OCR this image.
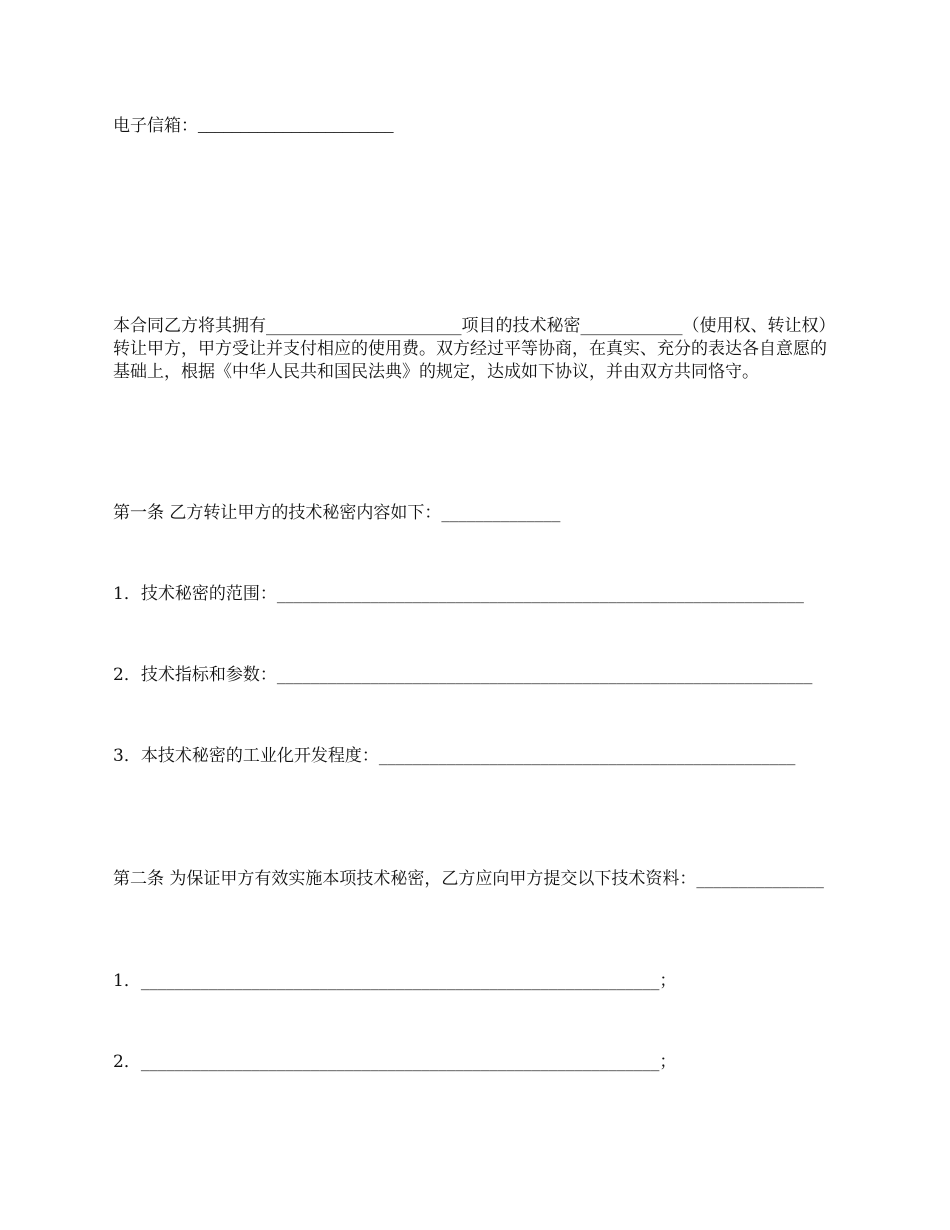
电子信箱：_______________________
本合同乙方将其拥有_______________________项目的技术秘密____________（使用权、转让权）转让甲方，甲方受让并支付相应的使用费。双方经过平等协商，在真实、充分的表达各自意愿的基础上，根据《中华人民共和国民法典》的规定，达成如下协议，并由双方共同恪守。
第一条 乙方转让甲方的技术秘密内容如下：______________
1．技术秘密的范围：______________________________________________________________
2．技术指标和参数：_______________________________________________________________
3．本技术秘密的工业化开发程度：_________________________________________________
第二条 为保证甲方有效实施本项技术秘密，乙方应向甲方提交以下技术资料：_______________
1．_____________________________________________________________；
2．_____________________________________________________________；
